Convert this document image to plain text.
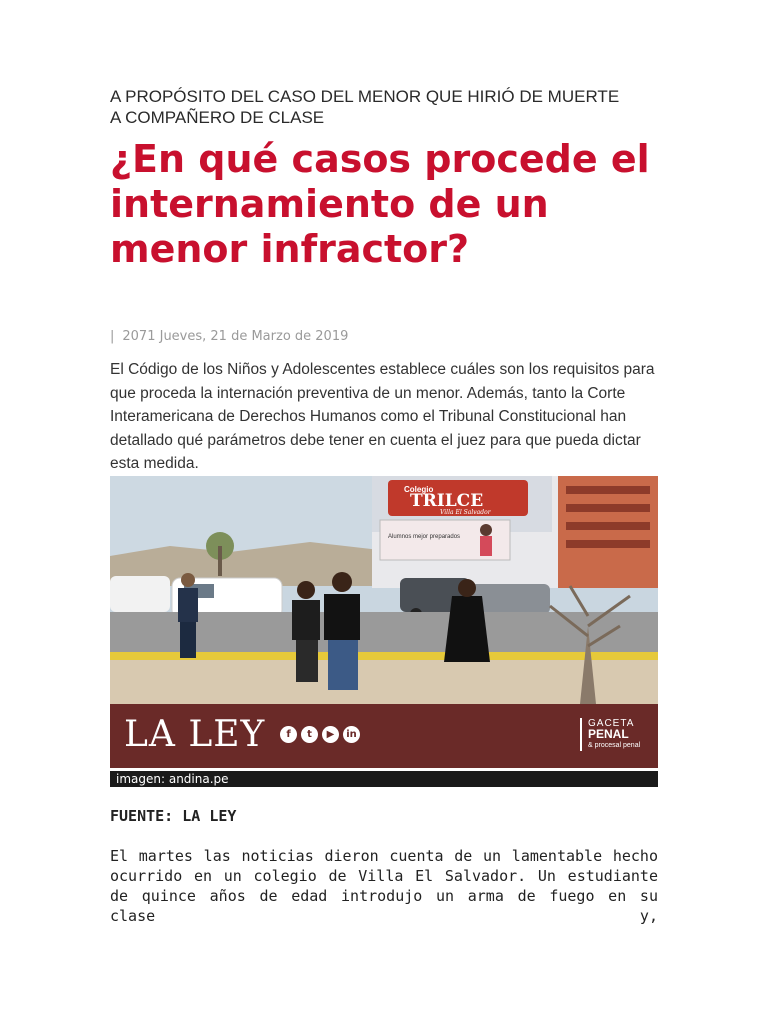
A PROPÓSITO DEL CASO DEL MENOR QUE HIRIÓ DE MUERTE A COMPAÑERO DE CLASE
¿En qué casos procede el internamiento de un menor infractor?
| 2071 Jueves, 21 de Marzo de 2019

El Código de los Niños y Adolescentes establece cuáles son los requisitos para que proceda la internación preventiva de un menor. Además, tanto la Corte Interamericana de Derechos Humanos como el Tribunal Constitucional han detallado qué parámetros debe tener en cuenta el juez para que pueda dictar esta medida.

Colegio
TRILCE
Villa El Salvador
Alumnos mejor preparados
LA LEY	f	t	▶	in
GACETA
PENAL
& procesal penal
imagen: andina.pe
FUENTE: LA LEY

El martes las noticias dieron cuenta de un lamentable hecho ocurrido en un colegio de Villa El Salvador. Un estudiante de quince años de edad introdujo un arma de fuego en su clase y,
